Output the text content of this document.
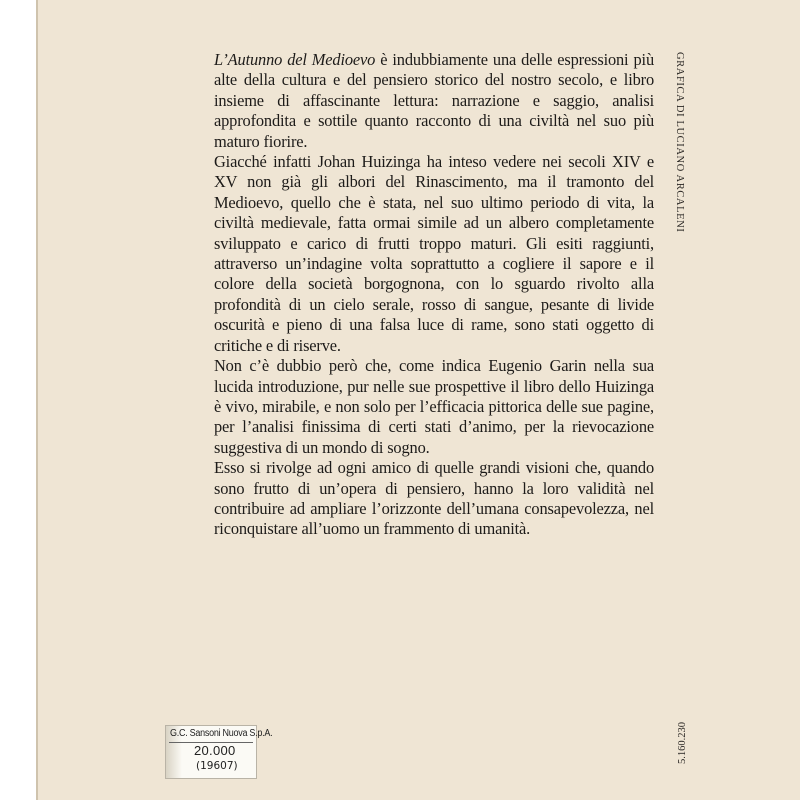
L’Autunno del Medioevo è indubbiamente una delle espressioni più alte della cultura e del pensiero storico del nostro secolo, e libro insieme di affascinante lettura: narrazione e saggio, analisi approfondita e sottile quanto racconto di una civiltà nel suo più maturo fiorire.

Giacché infatti Johan Huizinga ha inteso vedere nei secoli XIV e XV non già gli albori del Rinascimento, ma il tramonto del Medioevo, quello che è stata, nel suo ultimo periodo di vita, la civiltà medievale, fatta ormai simile ad un albero completamente sviluppato e carico di frutti troppo maturi. Gli esiti raggiunti, attraverso un’indagine volta soprattutto a cogliere il sapore e il colore della società borgognona, con lo sguardo rivolto alla profondità di un cielo serale, rosso di sangue, pesante di livide oscurità e pieno di una falsa luce di rame, sono stati oggetto di critiche e di riserve.

Non c’è dubbio però che, come indica Eugenio Garin nella sua lucida introduzione, pur nelle sue prospettive il libro dello Huizinga è vivo, mirabile, e non solo per l’efficacia pittorica delle sue pagine, per l’analisi finissima di certi stati d’animo, per la rievocazione suggestiva di un mondo di sogno.

Esso si rivolge ad ogni amico di quelle grandi visioni che, quando sono frutto di un’opera di pensiero, hanno la loro validità nel contribuire ad ampliare l’orizzonte dell’umana consapevolezza, nel riconquistare all’uomo un frammento di umanità.

GRAFICA DI LUCIANO ARCALENI
5.160.230
G.C. Sansoni Nuova S.p.A.
20.000
(19607)
